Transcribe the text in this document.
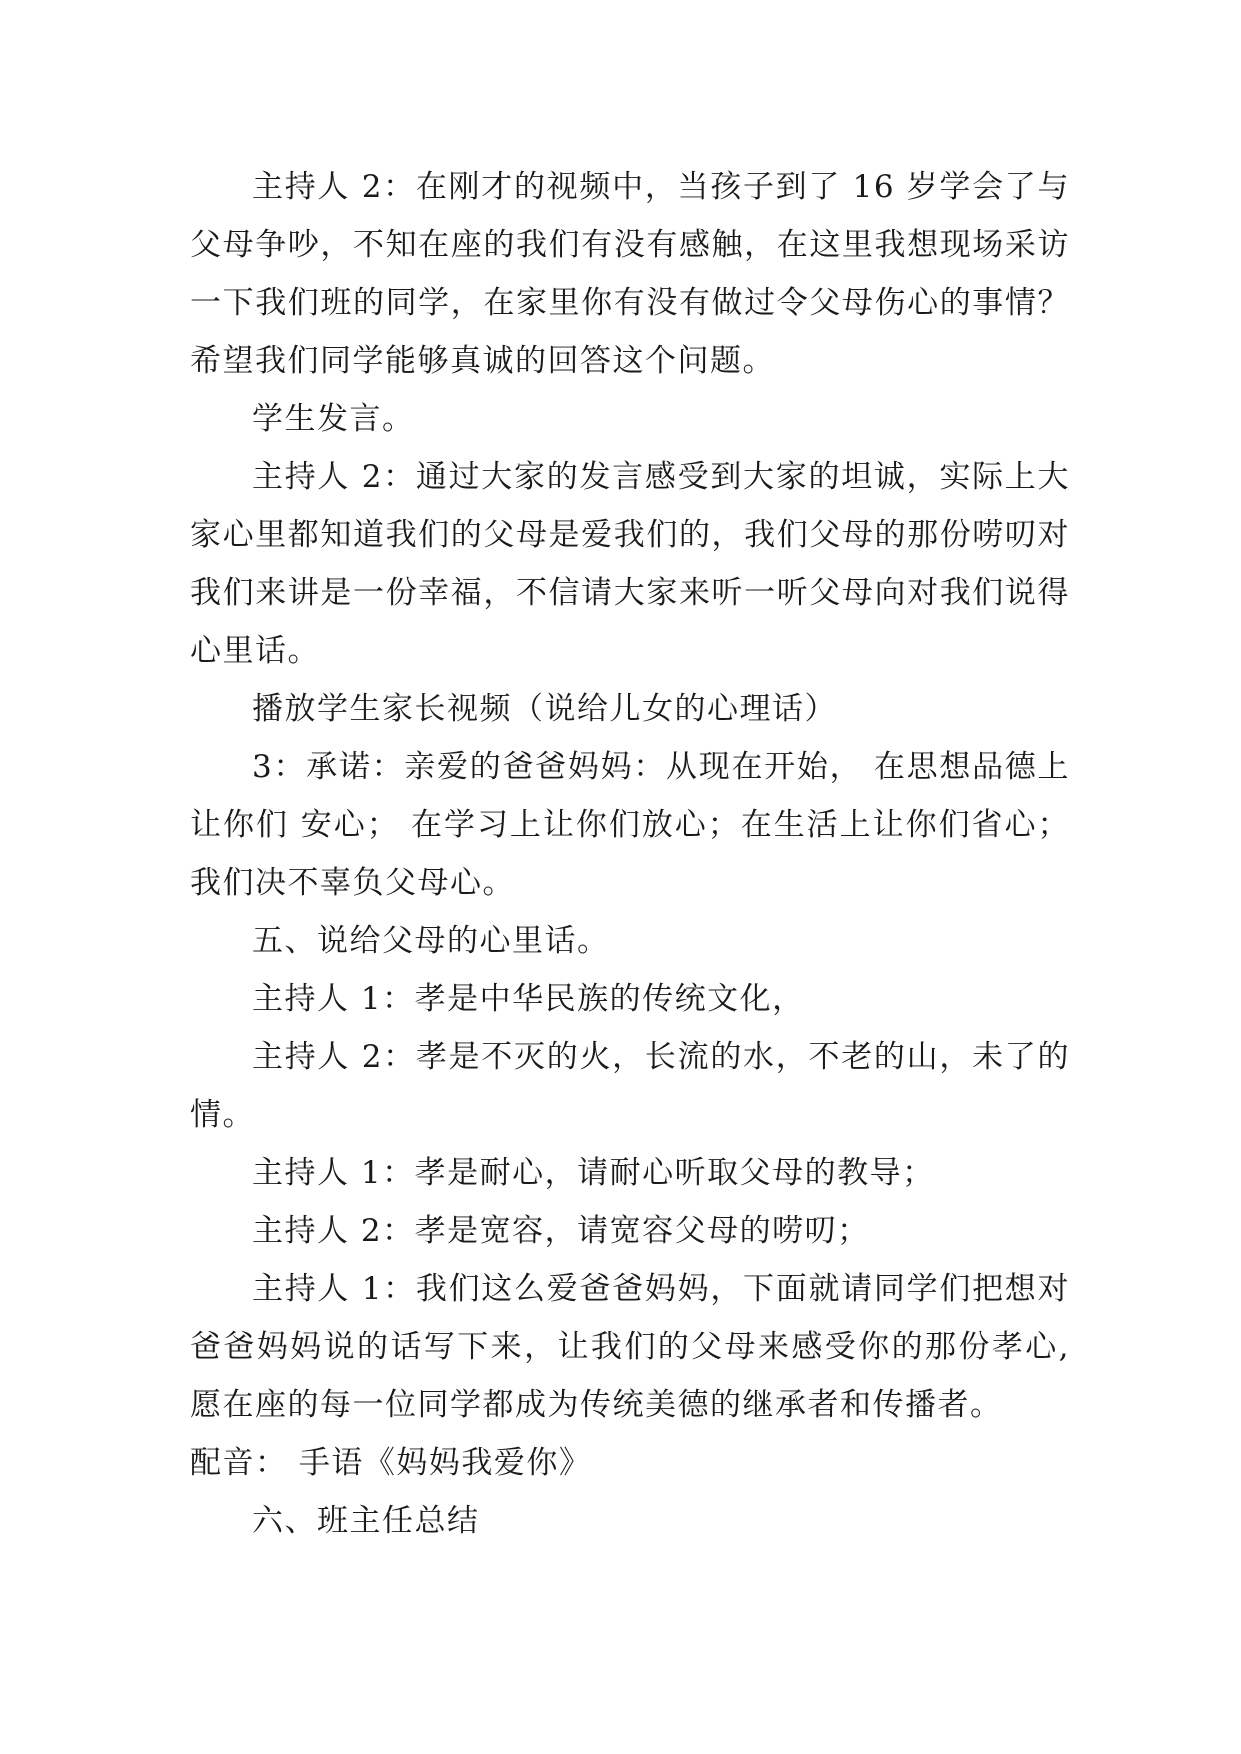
主持人 2：在刚才的视频中，当孩子到了 16 岁学会了与父母争吵，不知在座的我们有没有感触，在这里我想现场采访一下我们班的同学，在家里你有没有做过令父母伤心的事情？希望我们同学能够真诚的回答这个问题。

学生发言。

主持人 2：通过大家的发言感受到大家的坦诚，实际上大家心里都知道我们的父母是爱我们的，我们父母的那份唠叨对我们来讲是一份幸福，不信请大家来听一听父母向对我们说得心里话。

播放学生家长视频（说给儿女的心理话）

3：承诺：亲爱的爸爸妈妈：从现在开始， 在思想品德上让你们 安心； 在学习上让你们放心；在生活上让你们省心；我们决不辜负父母心。

五、说给父母的心里话。

主持人 1：孝是中华民族的传统文化，

主持人 2：孝是不灭的火，长流的水，不老的山，未了的情。

主持人 1：孝是耐心，请耐心听取父母的教导；

主持人 2：孝是宽容，请宽容父母的唠叨；

主持人 1：我们这么爱爸爸妈妈，下面就请同学们把想对爸爸妈妈说的话写下来，让我们的父母来感受你的那份孝心,愿在座的每一位同学都成为传统美德的继承者和传播者。

配音： 手语《妈妈我爱你》

六、班主任总结
